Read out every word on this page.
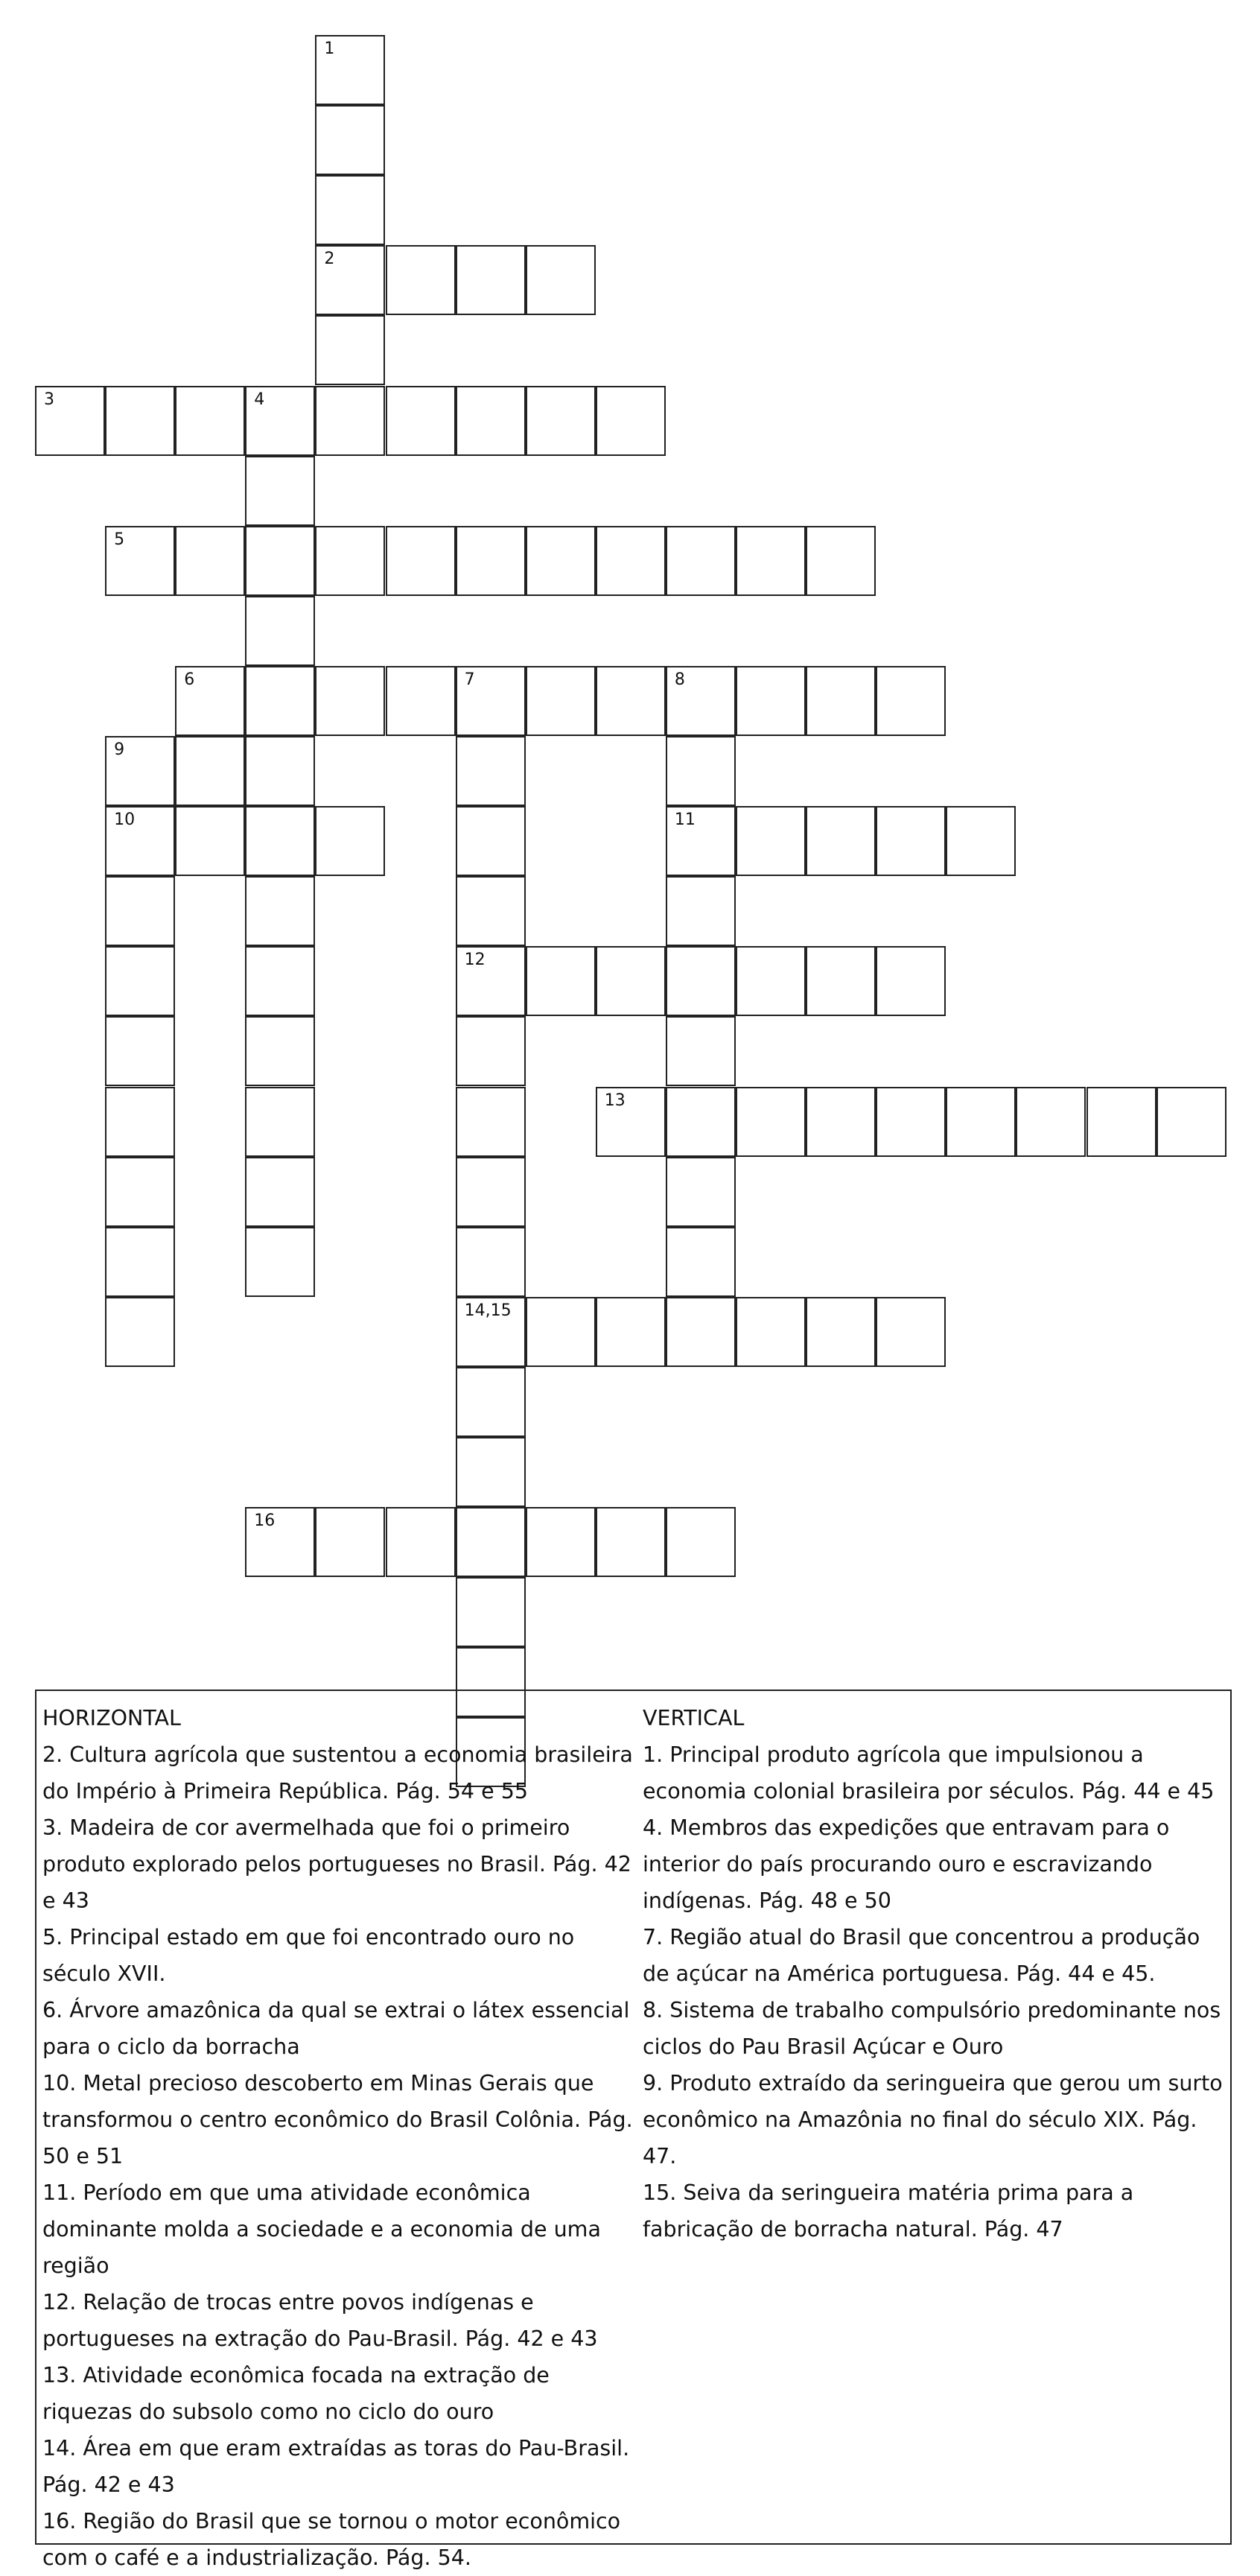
2
3	4
5
6	7	8
9
10	11
12
13
14,15
16
1
HORIZONTAL
2. Cultura agrícola que sustentou a economia brasileira do Império à Primeira República. Pág. 54 e 55
3. Madeira de cor avermelhada que foi o primeiro produto explorado pelos portugueses no Brasil. Pág. 42 e 43
5. Principal estado em que foi encontrado ouro no século XVII.
6. Árvore amazônica da qual se extrai o látex essencial para o ciclo da borracha
10. Metal precioso descoberto em Minas Gerais que transformou o centro econômico do Brasil Colônia. Pág. 50 e 51
11. Período em que uma atividade econômica dominante molda a sociedade e a economia de uma região
12. Relação de trocas entre povos indígenas e portugueses na extração do Pau-Brasil. Pág. 42 e 43
13. Atividade econômica focada na extração de riquezas do subsolo como no ciclo do ouro
14. Área em que eram extraídas as toras do Pau-Brasil. Pág. 42 e 43
16. Região do Brasil que se tornou o motor econômico com o café e a industrialização. Pág. 54.
VERTICAL
1. Principal produto agrícola que impulsionou a economia colonial brasileira por séculos. Pág. 44 e 45
4. Membros das expedições que entravam para o interior do país procurando ouro e escravizando indígenas. Pág. 48 e 50
7. Região atual do Brasil que concentrou a produção de açúcar na América portuguesa. Pág. 44 e 45.
8. Sistema de trabalho compulsório predominante nos ciclos do Pau Brasil Açúcar e Ouro
9. Produto extraído da seringueira que gerou um surto econômico na Amazônia no final do século XIX. Pág. 47.
15. Seiva da seringueira matéria prima para a fabricação de borracha natural. Pág. 47
